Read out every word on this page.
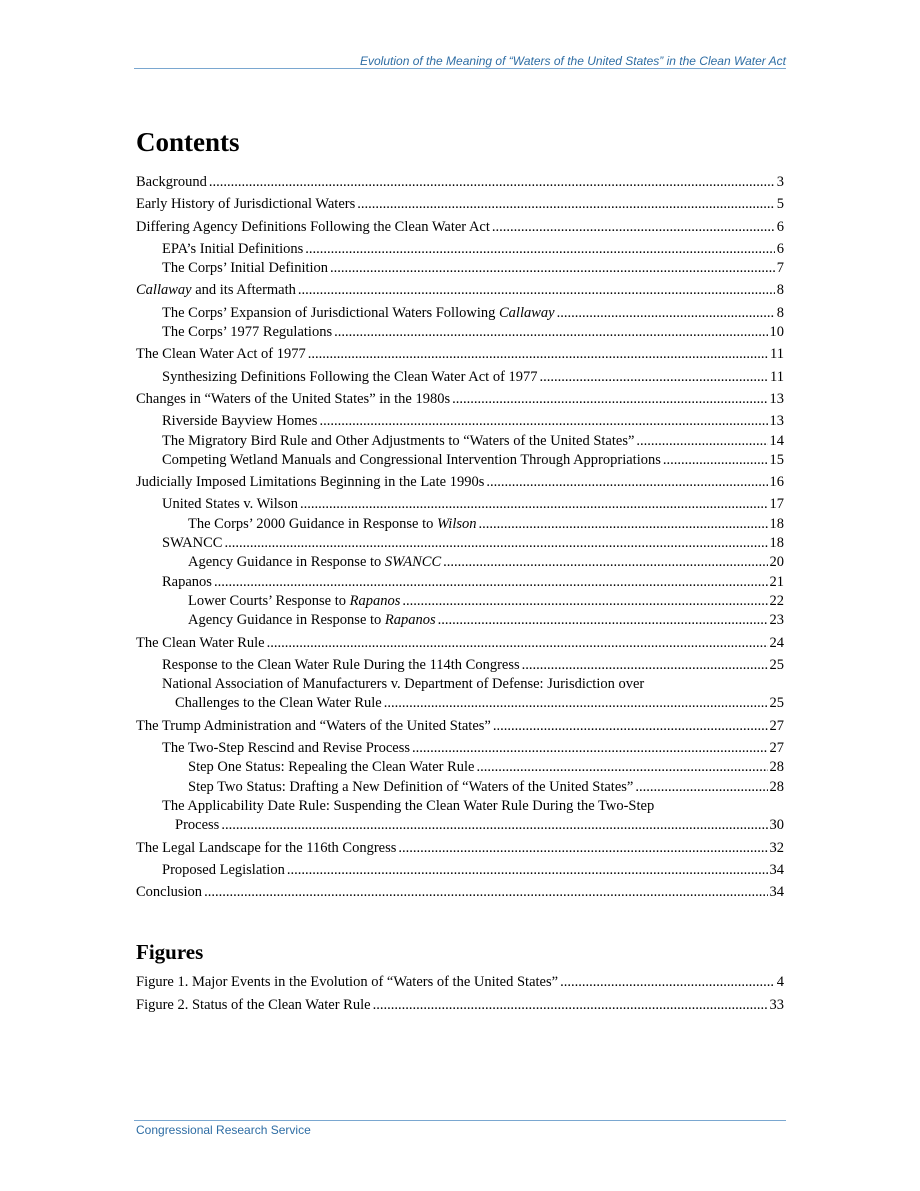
Evolution of the Meaning of “Waters of the United States” in the Clean Water Act
Contents
Background .....	3
Early History of Jurisdictional Waters .....	5
Differing Agency Definitions Following the Clean Water Act .....	6
EPA’s Initial Definitions .....	6
The Corps’ Initial Definition .....	7
Callaway and its Aftermath .....	8
The Corps’ Expansion of Jurisdictional Waters Following Callaway .....	8
The Corps’ 1977 Regulations .....	10
The Clean Water Act of 1977 .....	11
Synthesizing Definitions Following the Clean Water Act of 1977 .....	11
Changes in “Waters of the United States” in the 1980s .....	13
Riverside Bayview Homes .....	13
The Migratory Bird Rule and Other Adjustments to “Waters of the United States” .....	14
Competing Wetland Manuals and Congressional Intervention Through Appropriations .....	15
Judicially Imposed Limitations Beginning in the Late 1990s .....	16
United States v. Wilson .....	17
The Corps’ 2000 Guidance in Response to Wilson .....	18
SWANCC .....	18
Agency Guidance in Response to SWANCC .....	20
Rapanos .....	21
Lower Courts’ Response to Rapanos .....	22
Agency Guidance in Response to Rapanos .....	23
The Clean Water Rule .....	24
Response to the Clean Water Rule During the 114th Congress .....	25
National Association of Manufacturers v. Department of Defense: Jurisdiction over
Challenges to the Clean Water Rule .....	25
The Trump Administration and “Waters of the United States” .....	27
The Two-Step Rescind and Revise Process .....	27
Step One Status: Repealing the Clean Water Rule .....	28
Step Two Status: Drafting a New Definition of “Waters of the United States” .....	28
The Applicability Date Rule: Suspending the Clean Water Rule During the Two-Step
Process .....	30
The Legal Landscape for the 116th Congress .....	32
Proposed Legislation .....	34
Conclusion .....	34
Figures
Figure 1. Major Events in the Evolution of “Waters of the United States” .....	4
Figure 2. Status of the Clean Water Rule .....	33
Congressional Research Service
